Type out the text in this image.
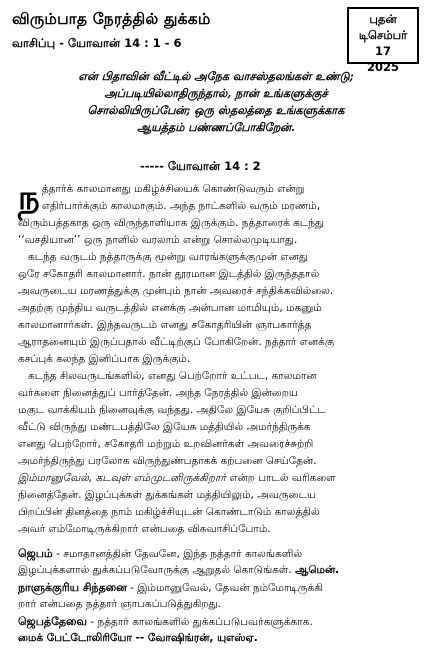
விரும்பாத நேரத்தில் துக்கம்
வாசிப்பு - யோவான் 14 : 1 - 6
புதன்
டிசெம்பர் 17
2025
என் பிதாவின் வீட்டில் அநேக வாசஸ்தலங்கள் உண்டு;
அப்படியில்லாதிருந்தால், நான் உங்களுக்குச்
சொல்லியிருப்பேன்; ஒரு ஸ்தலத்தை உங்களுக்காக
ஆயத்தம் பண்ணப்போகிறேன்.
----- யோவான் 14 : 2
ந த்தார்க் காலமானது மகிழ்ச்சியைக் கொண்டுவரும் என்று
எதிர்பார்க்கும் காலமாகும். அந்த நாட்களில் வரும் மரணம்,
விரும்பத்தகாத ஒரு விருந்தாளியாக இருக்கும். நத்தாரைக் கடந்து
‘‘வசதியான’’ ஒரு நாளில் வரலாம் என்று சொல்லமுடியாது.
கடந்த வருடம் நத்தாருக்கு மூன்று வாரங்களுக்குமுன் எனது
ஒரே சகோதரி காலமானார். நான் தூரமான இடத்தில் இருந்ததால்
அவருடைய மரணத்துக்கு முன்பும் நான் அவரைச் சந்திக்கவில்லை.
அதற்கு முந்திய வருடத்தில் எனக்கு அன்பான மாமியும், மகனும்
காலமானார்கள். இந்தவருடம் எனது சகோதரியின் ஞாபகார்த்த
ஆராதனையும் இருப்பதால் வீட்டிற்குப் போகிறேன். நத்தார் எனக்கு
கசப்புக் கலந்த இனிப்பாக இருக்கும்.
கடந்த சிலவருடங்களில், எனது பெற்றோர் உட்பட, காலமான
வர்களை நினைத்துப் பார்த்தேன். அந்த நேரத்தில் இன்றைய
மகுட வாக்கியம் நினைவுக்கு வந்தது. அதிலே இயேசு குறிப்பிட்ட
வீட்டு விருந்து மண்டபத்திலே இயேசு மத்தியில் அமர்ந்திருக்க
எனது பெற்றோர், சகோதரி மற்றும் உறவினர்கள் அவரைச்சுற்றி
அமர்ந்திருந்து பரலோக விருந்துண்பதாகக் கற்பனை செய்தேன்.
இம்மானுவேல், கடவுள் எம்முடனிருக்கிறார் என்ற பாடல் வரிகளை
நினைத்தேன். இழப்புக்கள் துக்கங்கள் மத்தியிலும், அவருடைய
பிறப்பின் தினத்தை நாம் மகிழ்ச்சியுடன் கொண்டாடும் காலத்தில்
அவர் எம்மோடிருக்கிறார் என்பதை விசுவாசிப்போம்.
ஜெபம் - சமாதானத்தின் தேவனே, இந்த நத்தார் காலங்களில்
இழப்புக்களால் துக்கப்படுவோருக்கு ஆறுதல் கொடுங்கள். ஆமென்.
நாளுக்குரிய சிந்தனை - இம்மானுவேல், தேவன் நம்மோடிருக்கி
றார் என்பதை நத்தார் ஞாபகப்படுத்துகிறது.
ஜெபத்தேவை - நத்தார் காலங்களில் துக்கப்படுபவர்களுக்காக.
மைக் பேட்டோலிரியோ -- வோஷிங்ரன், யுஎஸ்ஏ.
